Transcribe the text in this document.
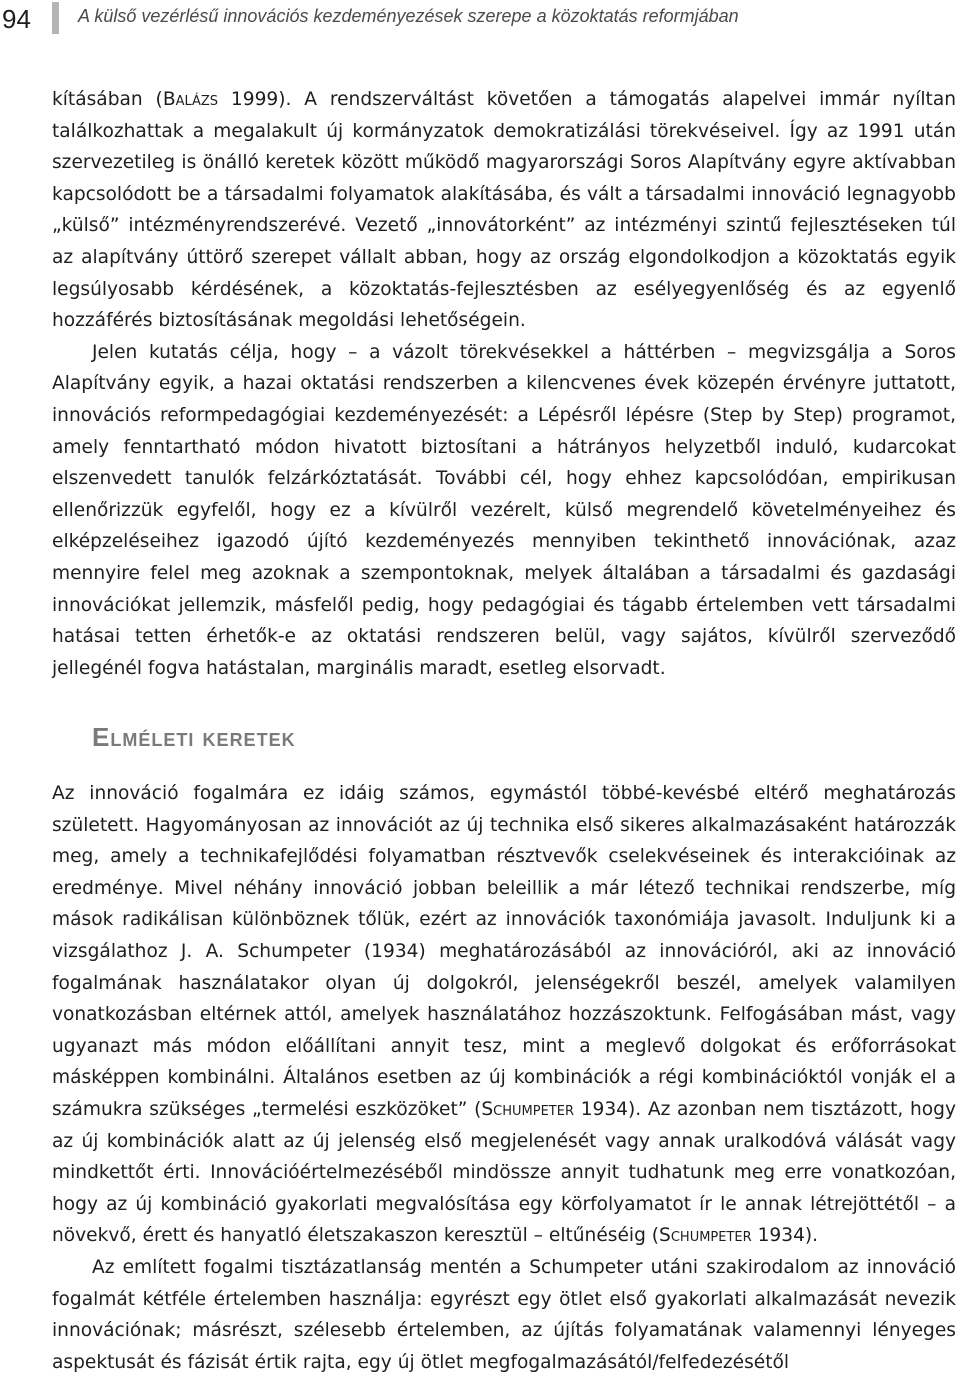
94	A külső vezérlésű innovációs kezdeményezések szerepe a közoktatás reformjában

kításában (Balázs 1999). A rendszerváltást követően a támogatás alapelvei immár nyíltan találkozhattak a megalakult új kormányzatok demokratizálási törekvéseivel. Így az 1991 után szervezetileg is önálló keretek között működő magyarországi Soros Alapítvány egyre aktívabban kapcsolódott be a társadalmi folyamatok alakításába, és vált a társadalmi innováció legnagyobb „külső” intézményrendszerévé. Vezető „innovátorként” az intézményi szintű fejlesztéseken túl az alapítvány úttörő szerepet vállalt abban, hogy az ország elgondolkodjon a közoktatás egyik legsúlyosabb kérdésének, a közoktatás-fejlesztésben az esélyegyenlőség és az egyenlő hozzáférés biztosításának megoldási lehetőségein.

Jelen kutatás célja, hogy – a vázolt törekvésekkel a háttérben – megvizsgálja a Soros Alapítvány egyik, a hazai oktatási rendszerben a kilencvenes évek közepén érvényre juttatott, innovációs reformpedagógiai kezdeményezését: a Lépésről lépésre (Step by Step) programot, amely fenntartható módon hivatott biztosítani a hátrányos helyzetből induló, kudarcokat elszenvedett tanulók felzárkóztatását. További cél, hogy ehhez kapcsolódóan, empirikusan ellenőrizzük egyfelől, hogy ez a kívülről vezérelt, külső megrendelő követelményeihez és elképzeléseihez igazodó újító kezdeményezés mennyiben tekinthető innovációnak, azaz mennyire felel meg azoknak a szempontoknak, melyek általában a társadalmi és gazdasági innovációkat jellemzik, másfelől pedig, hogy pedagógiai és tágabb értelemben vett társadalmi hatásai tetten érhetők-e az oktatási rendszeren belül, vagy sajátos, kívülről szerveződő jellegénél fogva hatástalan, marginális maradt, esetleg elsorvadt.

Elméleti keretek

Az innováció fogalmára ez idáig számos, egymástól többé-kevésbé eltérő meghatározás született. Hagyományosan az innovációt az új technika első sikeres alkalmazásaként határozzák meg, amely a technikafejlődési folyamatban résztvevők cselekvéseinek és interakcióinak az eredménye. Mivel néhány innováció jobban beleillik a már létező technikai rendszerbe, míg mások radikálisan különböznek tőlük, ezért az innovációk taxonómiája javasolt. Induljunk ki a vizsgálathoz J. A. Schumpeter (1934) meghatározásából az innovációról, aki az innováció fogalmának használatakor olyan új dolgokról, jelenségekről beszél, amelyek valamilyen vonatkozásban eltérnek attól, amelyek használatához hozzászoktunk. Felfogásában mást, vagy ugyanazt más módon előállítani annyit tesz, mint a meglevő dolgokat és erőforrásokat másképpen kombinálni. Általános esetben az új kombinációk a régi kombinációktól vonják el a számukra szükséges „termelési eszközöket” (Schumpeter 1934). Az azonban nem tisztázott, hogy az új kombinációk alatt az új jelenség első megjelenését vagy annak uralkodóvá válását vagy mindkettőt érti. Innovációértelmezéséből mindössze annyit tudhatunk meg erre vonatkozóan, hogy az új kombináció gyakorlati megvalósítása egy körfolyamatot ír le annak létrejöttétől – a növekvő, érett és hanyatló életszakaszon keresztül – eltűnéséig (Schumpeter 1934).

Az említett fogalmi tisztázatlanság mentén a Schumpeter utáni szakirodalom az innováció fogalmát kétféle értelemben használja: egyrészt egy ötlet első gyakorlati alkalmazását nevezik innovációnak; másrészt, szélesebb értelemben, az újítás folyamatának valamennyi lényeges aspektusát és fázisát értik rajta, egy új ötlet megfogalmazásától/felfedezésétől
